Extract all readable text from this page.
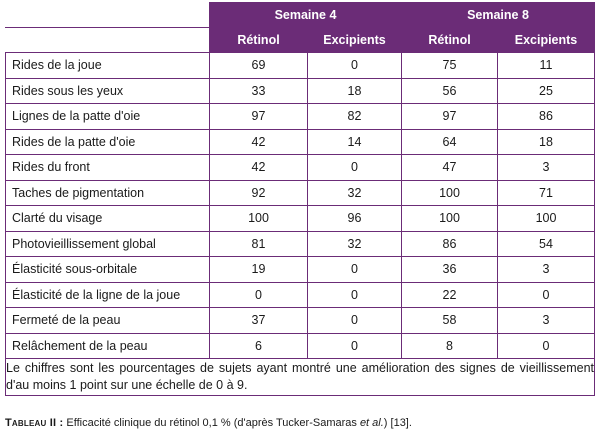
	Semaine 4		Semaine 8	
	Rétinol	Excipients	Rétinol	Excipients
Rides de la joue	69	0	75	11
Rides sous les yeux	33	18	56	25
Lignes de la patte d'oie	97	82	97	86
Rides de la patte d'oie	42	14	64	18
Rides du front	42	0	47	3
Taches de pigmentation	92	32	100	71
Clarté du visage	100	96	100	100
Photovieillissement global	81	32	86	54
Élasticité sous-orbitale	19	0	36	3
Élasticité de la ligne de la joue	0	0	22	0
Fermeté de la peau	37	0	58	3
Relâchement de la peau	6	0	8	0
Le chiffres sont les pourcentages de sujets ayant montré une amélioration des signes de vieillissement d'au moins 1 point sur une échelle de 0 à 9.				
Tableau II : Efficacité clinique du rétinol 0,1 % (d'après Tucker-Samaras et al.) [13].
